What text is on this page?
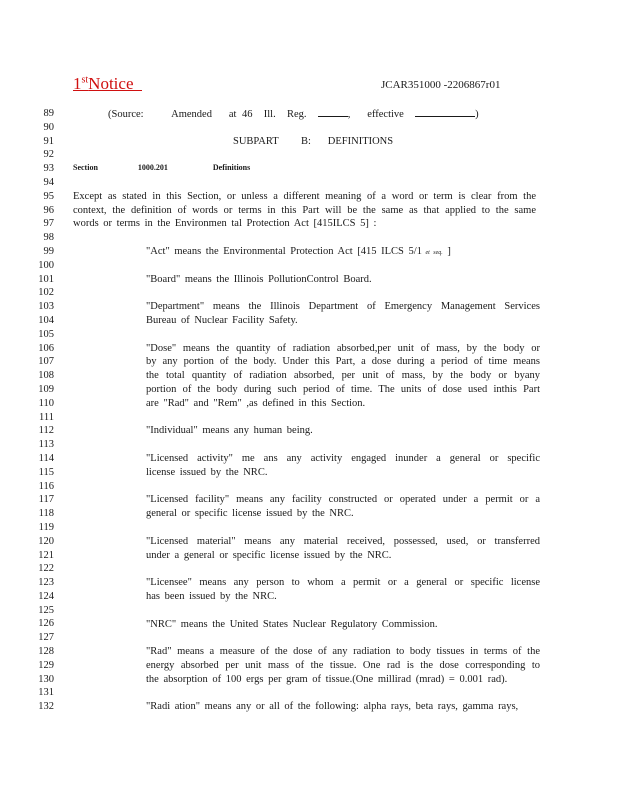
1stNotice	JCAR351000 -2206867r01
89
90
91
92
93
94
95
96
97
98
99
100
101
102
103
104
105
106
107
108
109
110
111
112
113
114
115
116
117
118
119
120
121
122
123
124
125
126
127
128
129
130
131
132
(Source:	Amended   at 46  Ill.  Reg.	,   effective	)
SUBPART    B:   DEFINITIONS
Section	1000.201	Definitions
Except as stated in this Section, or unless a different meaning of a word or term is clear from the
context, the definition of words or terms in this Part will be the same as that applied to the same
words or terms in the Environmen tal Protection Act [415ILCS 5] :
"Act" means the Environmental Protection Act [415 ILCS 5/1 et seq. ]
"Board" means the Illinois PollutionControl Board.
"Department" means the Illinois Department of Emergency Management Services
Bureau of Nuclear Facility Safety.
"Dose" means the quantity of radiation absorbed,per unit of mass, by the body or
by any portion of the body. Under this Part, a dose during a period of time means
the total quantity of radiation absorbed, per unit of mass, by the body or byany
portion of the body during such period of time. The units of dose used inthis Part
are "Rad" and "Rem" ,as defined in this Section.
"Individual" means any human being.
"Licensed activity" me ans any activity engaged inunder a general or specific
license issued by the NRC.
"Licensed facility" means any facility constructed or operated under a permit or a
general or specific license issued by the NRC.
"Licensed material" means any material received, possessed, used, or transferred
under a general or specific license issued by the NRC.
"Licensee" means any person to whom a permit or a general or specific license
has been issued by the NRC.
"NRC" means the United States Nuclear Regulatory Commission.
"Rad" means a measure of the dose of any radiation to body tissues in terms of the
energy absorbed per unit mass of the tissue. One rad is the dose corresponding to
the absorption of 100 ergs per gram of tissue.(One millirad (mrad) = 0.001 rad).
"Radi ation" means any or all of the following: alpha rays, beta rays, gamma rays,
